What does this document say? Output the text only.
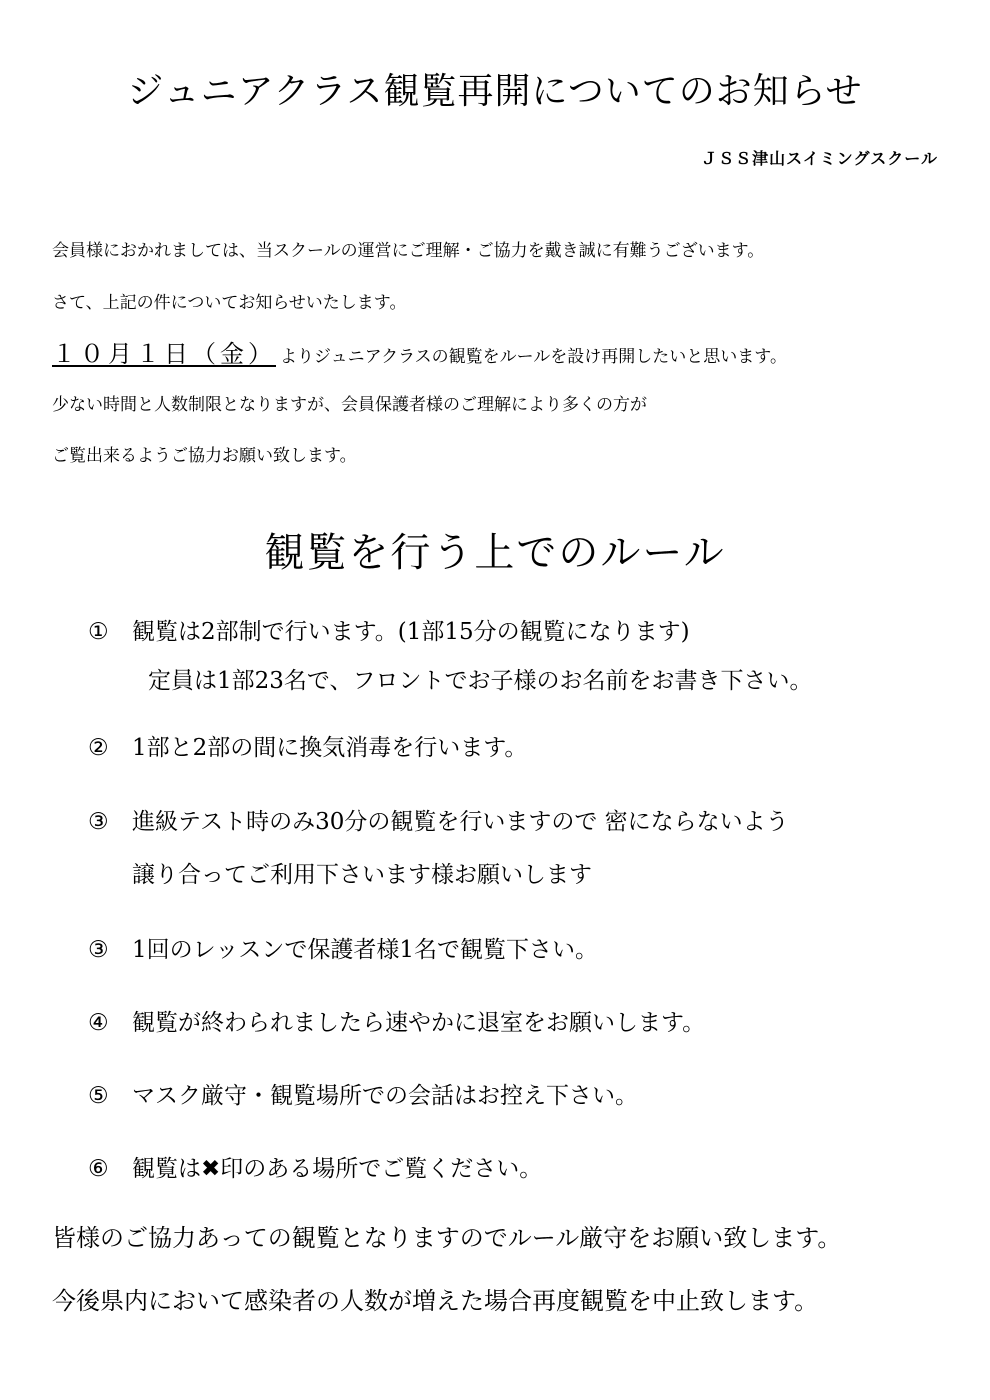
ジュニアクラス観覧再開についてのお知らせ
ＪＳＳ津山スイミングスクール
会員様におかれましては、当スクールの運営にご理解・ご協力を戴き誠に有難うございます。
さて、上記の件についてお知らせいたします。
１０月１日（金） よりジュニアクラスの観覧をルールを設け再開したいと思います。
少ない時間と人数制限となりますが、会員保護者様のご理解により多くの方が
ご覧出来るようご協力お願い致します。
観覧を行う上でのルール
① 観覧は2部制で行います。(1部15分の観覧になります)
定員は1部23名で、フロントでお子様のお名前をお書き下さい。
② 1部と2部の間に換気消毒を行います。
③ 進級テスト時のみ30分の観覧を行いますので 密にならないよう
譲り合ってご利用下さいます様お願いします
③ 1回のレッスンで保護者様1名で観覧下さい。
④ 観覧が終わられましたら速やかに退室をお願いします。
⑤ マスク厳守・観覧場所での会話はお控え下さい。
⑥ 観覧は✖印のある場所でご覧ください。
皆様のご協力あっての観覧となりますのでルール厳守をお願い致します。
今後県内において感染者の人数が増えた場合再度観覧を中止致します。
